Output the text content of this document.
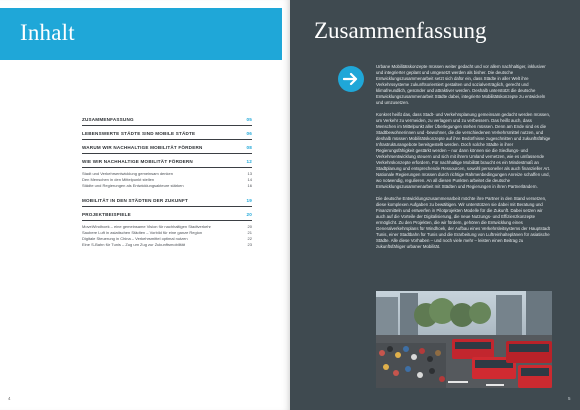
Inhalt
ZUSAMMENFASSUNG	05
LEBENSWERTE STÄDTE SIND MOBILE STÄDTE	06
WARUM WIR NACHHALTIGE MOBILITÄT FÖRDERN	08
WIE WIR NACHHALTIGE MOBILITÄT FÖRDERN	12
Stadt und Verkehrsentwicklung gemeinsam denken	13
Den Menschen in den Mittelpunkt stellen	14
Städte und Regierungen als Entwicklungsakteure stärken	16
MOBILITÄT IN DEN STÄDTEN DER ZUKUNFT	19
PROJEKTBEISPIELE	20
MoveWindhoek – eine gemeinsame Vision für nachhaltigen Stadtverkehr	20
Saubere Luft in asiatischen Städten – Vorbild für eine ganze Region	21
Digitale Steuerung in China – Verkehrsmittel optimal nutzen	22
Eine S-Bahn für Tunis – Zug um Zug zur Zukunftsmobilität	23
4
Zusammenfassung

Urbane Mobilitätskonzepte müssen weiter gedacht und vor allem nachhaltiger, inklusiver und integrierter geplant und umgesetzt werden als bisher. Die deutsche Entwicklungszusammenarbeit setzt sich dafür ein, dass Städte in aller Welt ihre Verkehrssysteme zukunftsorientiert gestalten und sozialverträglich, gerecht und klimafreundlich, gesünder und attraktiver werden. Deshalb unterstützt die deutsche Entwicklungszusammenarbeit Städte dabei, integrierte Mobilitätskonzepte zu entwickeln und umzusetzen.

Konkret heißt das, dass Stadt- und Verkehrsplanung gemeinsam gedacht werden müssen, um Verkehr zu vermeiden, zu verlagern und zu verbessern. Das heißt auch, dass Menschen im Mittelpunkt aller Überlegungen stehen müssen. Denn am Ende sind es die Stadtbewohnerinnen und -bewohner, die die verschiedenen Verkehrsmittel nutzen, und deshalb müssen Mobilitätskonzepte auf ihre Bedürfnisse zugeschnitten und zukunftsfähige Infrastrukturangebote bereitgestellt werden. Doch solche Städte in ihrer Regierungsfähigkeit gestärkt werden – nur dann können sie die Siedlungs- und Verkehrsentwicklung steuern und sich mit ihrem Umland vernetzen, wie es umfassende Verkehrskonzepte erfordern. Für nachhaltige Mobilität braucht es ein Mindestmaß an Stadtplanung und entsprechende Ressourcen, sowohl personeller als auch finanzieller Art. Nationale Regierungen müssen durch richtige Rahmenbedingungen Anreize schaffen und, wo notwendig, regulieren. An all diesen Punkten arbeitet die deutsche Entwicklungszusammenarbeit mit Städten und Regierungen in ihren Partnerländern.

Die deutsche Entwicklungszusammenarbeit möchte ihre Partner in den Stand versetzen, diese komplexen Aufgaben zu bewältigen. Wir unterstützen sie dabei mit Beratung und Finanzmitteln und entwerfen in Pilotprojekten Modelle für die Zukunft. Dabei setzen wir auch auf die Vorteile der Digitalisierung, die neue Nutzungs- und Effizienzkonzepte ermöglicht. Zu den Projekten, die wir fördern, gehören die Entwicklung eines Generalverkehrsplans für Windhoek, der Aufbau eines Verkehrsleitsystems der Hauptstadt Tunis, einer Stadtbahn für Tunis und die Erarbeitung von Luftreinhalteplänen für asiatische Städte. Alle diese Vorhaben – und noch viele mehr – leisten einen Beitrag zu zukunftsfähiger urbaner Mobilität.

5
